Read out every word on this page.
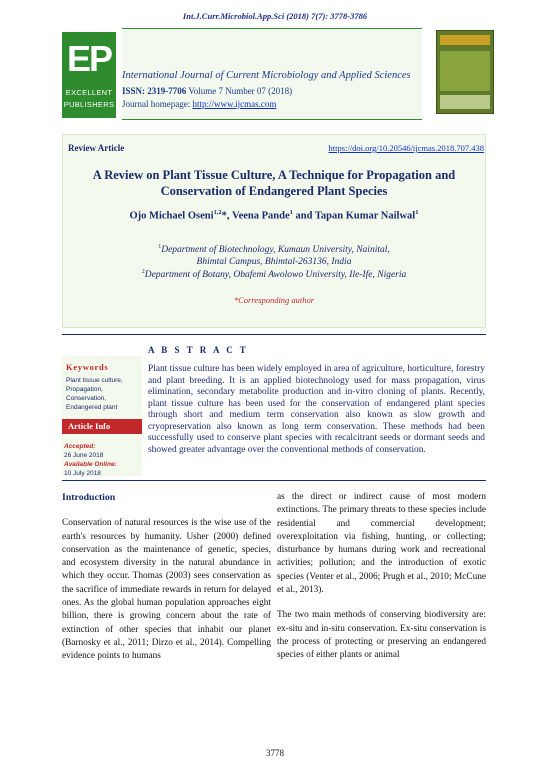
Int.J.Curr.Microbiol.App.Sci (2018) 7(7): 3778-3786
EP
EXCELLENT
PUBLISHERS
International Journal of Current Microbiology and Applied Sciences
ISSN: 2319-7706 Volume 7 Number 07 (2018)
Journal homepage: http://www.ijcmas.com
Review Article	https://doi.org/10.20546/ijcmas.2018.707.438
A Review on Plant Tissue Culture, A Technique for Propagation and
Conservation of Endangered Plant Species
Ojo Michael Oseni$^{1,2}$*, Veena Pande$^1$ and Tapan Kumar Nailwal$^1$
$^1$Department of Biotechnology, Kumaun University, Nainital,
Bhimtal Campus, Bhimtal-263136, India
$^2$Department of Botany, Obafemi Awolowo University, Ile-Ife, Nigeria
*Corresponding author
A B S T R A C T
Keywords
Plant tissue culture,
Propagation,
Conservation,
Endangered plant
Article Info
Accepted:
26 June 2018
Available Online:
10 July 2018
Plant tissue culture has been widely employed in area of agriculture, horticulture, forestry and plant breeding. It is an applied biotechnology used for mass propagation, virus elimination, secondary metabolite production and in-vitro cloning of plants. Recently, plant tissue culture has been used for the conservation of endangered plant species through short and medium term conservation also known as slow growth and cryopreservation also known as long term conservation. These methods had been successfully used to conserve plant species with recalcitrant seeds or dormant seeds and showed greater advantage over the conventional methods of conservation.
Introduction

Conservation of natural resources is the wise use of the earth's resources by humanity. Usher (2000) defined conservation as the maintenance of genetic, species, and ecosystem diversity in the natural abundance in which they occur. Thomas (2003) sees conservation as the sacrifice of immediate rewards in return for delayed ones. As the global human population approaches eight billion, there is growing concern about the rate of extinction of other species that inhabit our planet (Barnosky et al., 2011; Dirzo et al., 2014). Compelling evidence points to humans

as the direct or indirect cause of most modern extinctions. The primary threats to these species include residential and commercial development; overexploitation via fishing, hunting, or collecting; disturbance by humans during work and recreational activities; pollution; and the introduction of exotic species (Venter et al., 2006; Prugh et al., 2010; McCune et al., 2013).

The two main methods of conserving biodiversity are: ex-situ and in-situ conservation. Ex-situ conservation is the process of protecting or preserving an endangered species of either plants or animal

3778
